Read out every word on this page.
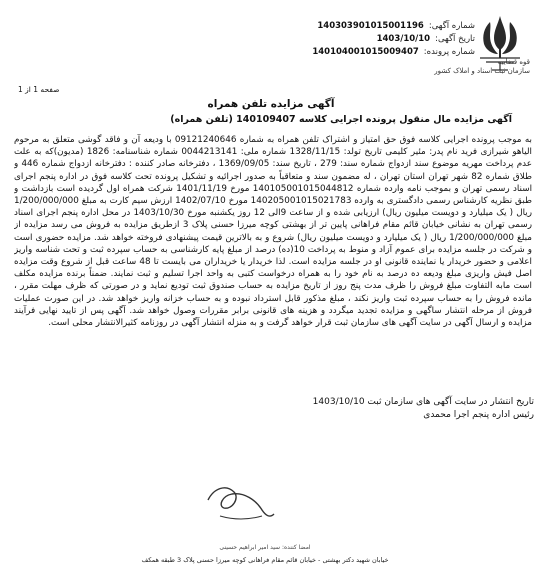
شماره آگهی:
140303901015001196
تاریخ آگهی:
1403/10/10
شماره پرونده:
140104001015009407
قوه قضاییه
سازمان ثبت اسناد و املاک کشور
صفحه 1 از 1
آگهی مزایده تلفن همراه
آگهی مزایده مال منقول پرونده اجرایی کلاسه 140109407 (تلفن همراه)
به موجب پرونده اجرایی کلاسه فوق حق امتیاز و اشتراک تلفن همراه به شماره 09121240646 با ودیعه آن و فاقد گوشی متعلق به مرحوم الیاهو شیرازی فرید نام پدر: مئیر کلیمی تاریخ تولد: 1328/11/15 شماره ملی: 0044213141 شماره شناسنامه: 1826 (مدیون)که به علت عدم پرداخت مهریه موضوع سند ازدواج شماره سند: 279 ، تاریخ سند: 1369/09/05 ، دفترخانه صادر کننده : دفترخانه ازدواج شماره 446 و طلاق شماره 82 شهر تهران استان تهران ، له مضمون سند و متعاقباً به صدور اجرائیه و تشکیل پرونده تحت کلاسه فوق در اداره پنجم اجرای اسناد رسمی تهران و بموجب نامه وارده شماره 140105001015044812 مورخ 1401/11/19 شرکت همراه اول گردیده است بازداشت و طبق نظریه کارشناس رسمی دادگستری به وارده 140205001015021783 مورخ 1402/07/10 ارزش سیم کارت به مبلغ 1/200/000/000 ریال ( یک میلیارد و دویست میلیون ریال) ارزیابی شده و از ساعت 9الی 12 روز یکشنبه مورخ 1403/10/30 در محل اداره پنجم اجرای اسناد رسمی تهران به نشانی خیابان قائم مقام فراهانی پایین تر از بهشتی کوچه میرزا حسنی پلاک 3 ازطریق مزایده به فروش می رسد مزایده از مبلغ 1/200/000/000 ریال ( یک میلیارد و دویست میلیون ریال) شروع و به بالاترین قیمت پیشنهادی فروخته خواهد شد. مزایده حضوری است و شرکت در جلسه مزایده برای عموم آزاد و منوط به پرداخت 10(ده) درصد از مبلغ پایه کارشناسی به حساب سپرده ثبت و تحت شناسه واریز اعلامی و حضور خریدار یا نماینده قانونی او در جلسه مزایده است. لذا خریدار یا خریداران می بایست تا 48 ساعت قبل از شروع وقت مزایده اصل فیش واریزی مبلغ ودیعه ده درصد به نام خود را به همراه درخواست کتبی به واحد اجرا تسلیم و ثبت نمایند. ضمناً برنده مزایده مکلف است مابه التفاوت مبلغ فروش را ظرف مدت پنج روز از تاریخ مزایده به حساب صندوق ثبت تودیع نماید و در صورتی که ظرف مهلت مقرر ، مانده فروش را به حساب سپرده ثبت واریز نکند ، مبلغ مذکور قابل استرداد نبوده و به حساب خزانه واریز خواهد شد. در این صورت عملیات فروش از مرحله انتشار ساگهی و مزایده تجدید میگردد و هزینه های قانونی برابر مقررات وصول خواهد شد. آگهی پس از تایید نهایی فرآیند مزایده و ارسال آگهی در سایت آگهی های سازمان ثبت قرار خواهد گرفت و به منزله انتشار آگهی در روزنامه کثیرالانتشار محلی است.
تاریخ انتشار در سایت آگهی های سازمان ثبت 1403/10/10
رئیس اداره پنجم اجرا محمدی
امضا کننده: سید امیر ابراهیم حسینی
خیابان شهید دکتر بهشتی - خیابان قائم مقام فراهانی کوچه میرزا حسنی پلاک 3 طبقه همکف
